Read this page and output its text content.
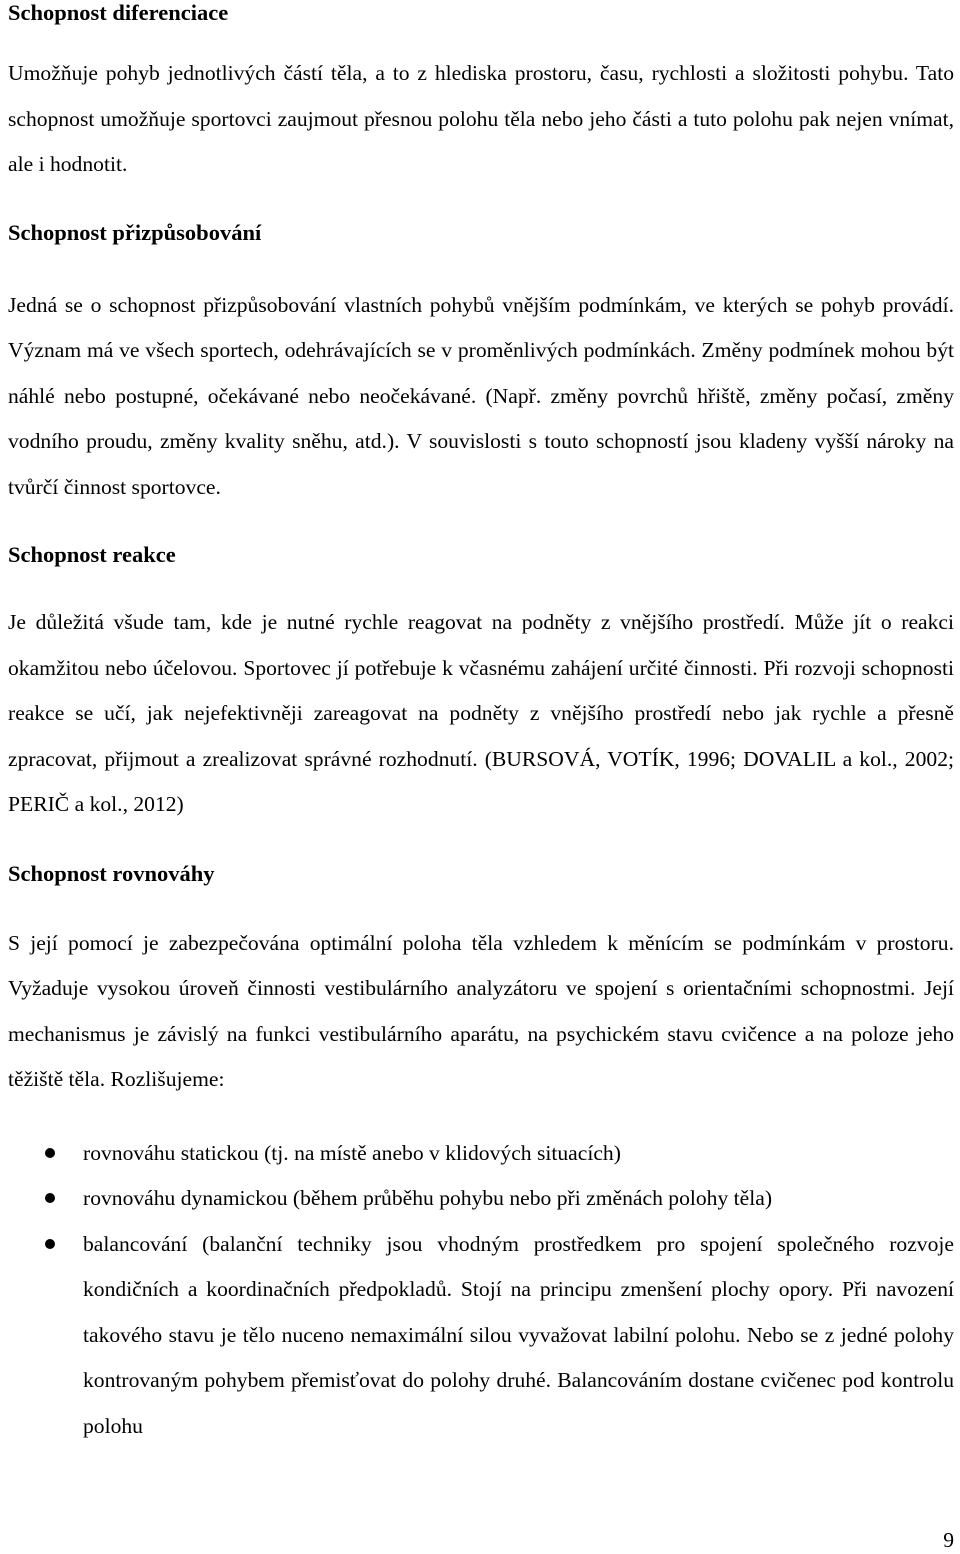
Schopnost diferenciace

Umožňuje pohyb jednotlivých částí těla, a to z hlediska prostoru, času, rychlosti a složitosti pohybu. Tato schopnost umožňuje sportovci zaujmout přesnou polohu těla nebo jeho části a tuto polohu pak nejen vnímat, ale i hodnotit.

Schopnost přizpůsobování

Jedná se o schopnost přizpůsobování vlastních pohybů vnějším podmínkám, ve kterých se pohyb provádí. Význam má ve všech sportech, odehrávajících se v proměnlivých podmínkách. Změny podmínek mohou být náhlé nebo postupné, očekávané nebo neočekávané. (Např. změny povrchů hřiště, změny počasí, změny vodního proudu, změny kvality sněhu, atd.). V souvislosti s touto schopností jsou kladeny vyšší nároky na tvůrčí činnost sportovce.

Schopnost reakce

Je důležitá všude tam, kde je nutné rychle reagovat na podněty z vnějšího prostředí. Může jít o reakci okamžitou nebo účelovou. Sportovec jí potřebuje k včasnému zahájení určité činnosti. Při rozvoji schopnosti reakce se učí, jak nejefektivněji zareagovat na podněty z vnějšího prostředí nebo jak rychle a přesně zpracovat, přijmout a zrealizovat správné rozhodnutí. (BURSOVÁ, VOTÍK, 1996; DOVALIL a kol., 2002; PERIČ a kol., 2012)

Schopnost rovnováhy

S její pomocí je zabezpečována optimální poloha těla vzhledem k měnícím se podmínkám v prostoru. Vyžaduje vysokou úroveň činnosti vestibulárního analyzátoru ve spojení s orientačními schopnostmi. Její mechanismus je závislý na funkci vestibulárního aparátu, na psychickém stavu cvičence a na poloze jeho těžiště těla. Rozlišujeme:

rovnováhu statickou (tj. na místě anebo v klidových situacích)
rovnováhu dynamickou (během průběhu pohybu nebo při změnách polohy těla)
balancování (balanční techniky jsou vhodným prostředkem pro spojení společného rozvoje kondičních a koordinačních předpokladů. Stojí na principu zmenšení plochy opory. Při navození takového stavu je tělo nuceno nemaximální silou vyvažovat labilní polohu. Nebo se z jedné polohy kontrovaným pohybem přemisťovat do polohy druhé. Balancováním dostane cvičenec pod kontrolu polohu
9
